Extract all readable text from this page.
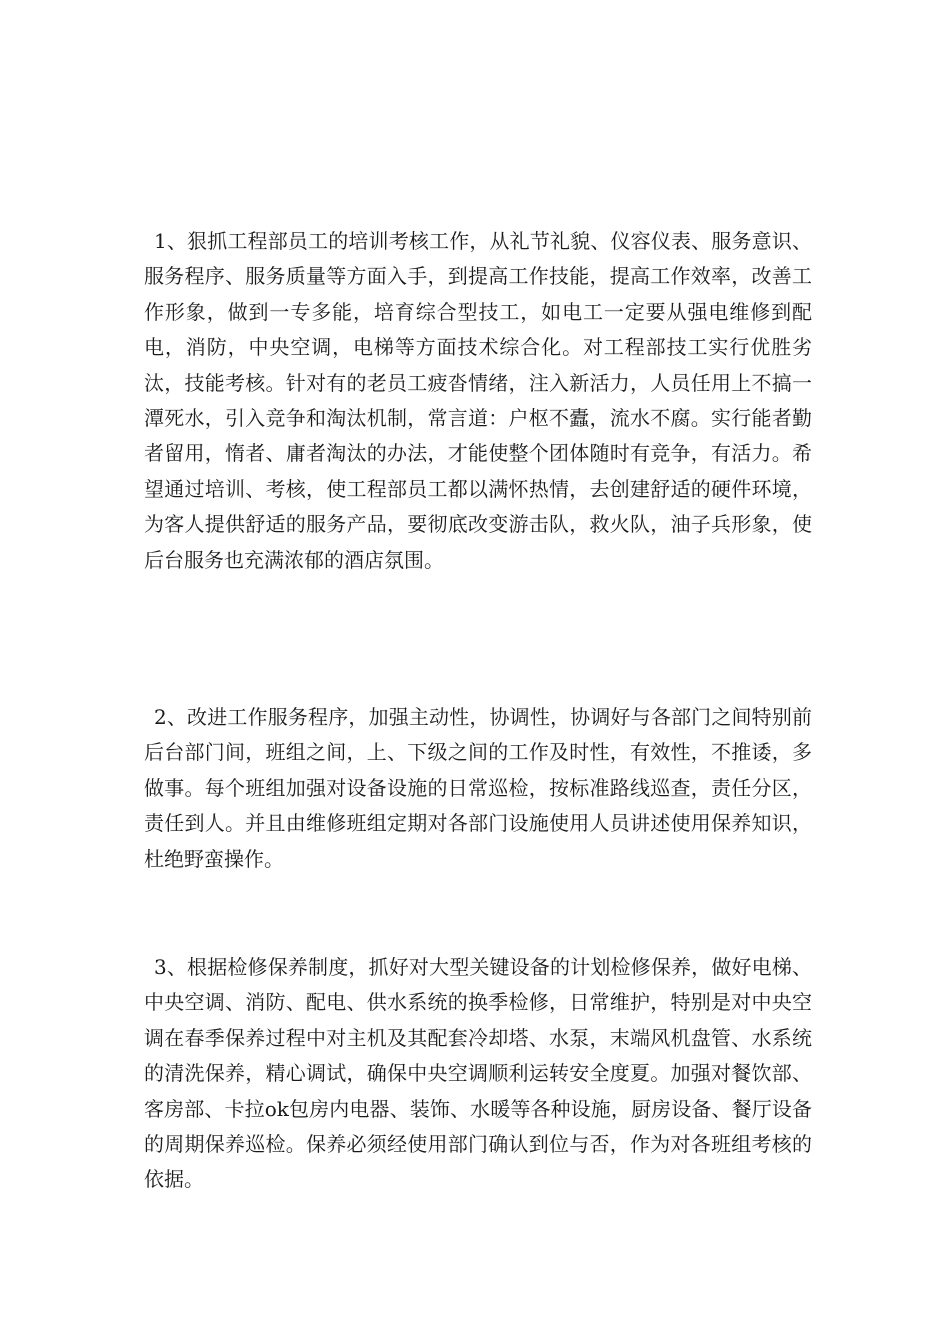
1、狠抓工程部员工的培训考核工作，从礼节礼貌、仪容仪表、服务意识、服务程序、服务质量等方面入手，到提高工作技能，提高工作效率，改善工作形象，做到一专多能，培育综合型技工，如电工一定要从强电维修到配电，消防，中央空调，电梯等方面技术综合化。对工程部技工实行优胜劣汰，技能考核。针对有的老员工疲沓情绪，注入新活力，人员任用上不搞一潭死水，引入竞争和淘汰机制，常言道：户枢不蠹，流水不腐。实行能者勤者留用，惰者、庸者淘汰的办法，才能使整个团体随时有竞争，有活力。希望通过培训、考核，使工程部员工都以满怀热情，去创建舒适的硬件环境，为客人提供舒适的服务产品，要彻底改变游击队，救火队，油子兵形象，使后台服务也充满浓郁的酒店氛围。

2、改进工作服务程序，加强主动性，协调性，协调好与各部门之间特别前后台部门间，班组之间，上、下级之间的工作及时性，有效性，不推诿，多做事。每个班组加强对设备设施的日常巡检，按标准路线巡查，责任分区，责任到人。并且由维修班组定期对各部门设施使用人员讲述使用保养知识，杜绝野蛮操作。

3、根据检修保养制度，抓好对大型关键设备的计划检修保养，做好电梯、中央空调、消防、配电、供水系统的换季检修，日常维护，特别是对中央空调在春季保养过程中对主机及其配套冷却塔、水泵，末端风机盘管、水系统的清洗保养，精心调试，确保中央空调顺利运转安全度夏。加强对餐饮部、客房部、卡拉ok包房内电器、装饰、水暖等各种设施，厨房设备、餐厅设备的周期保养巡检。保养必须经使用部门确认到位与否，作为对各班组考核的依据。
